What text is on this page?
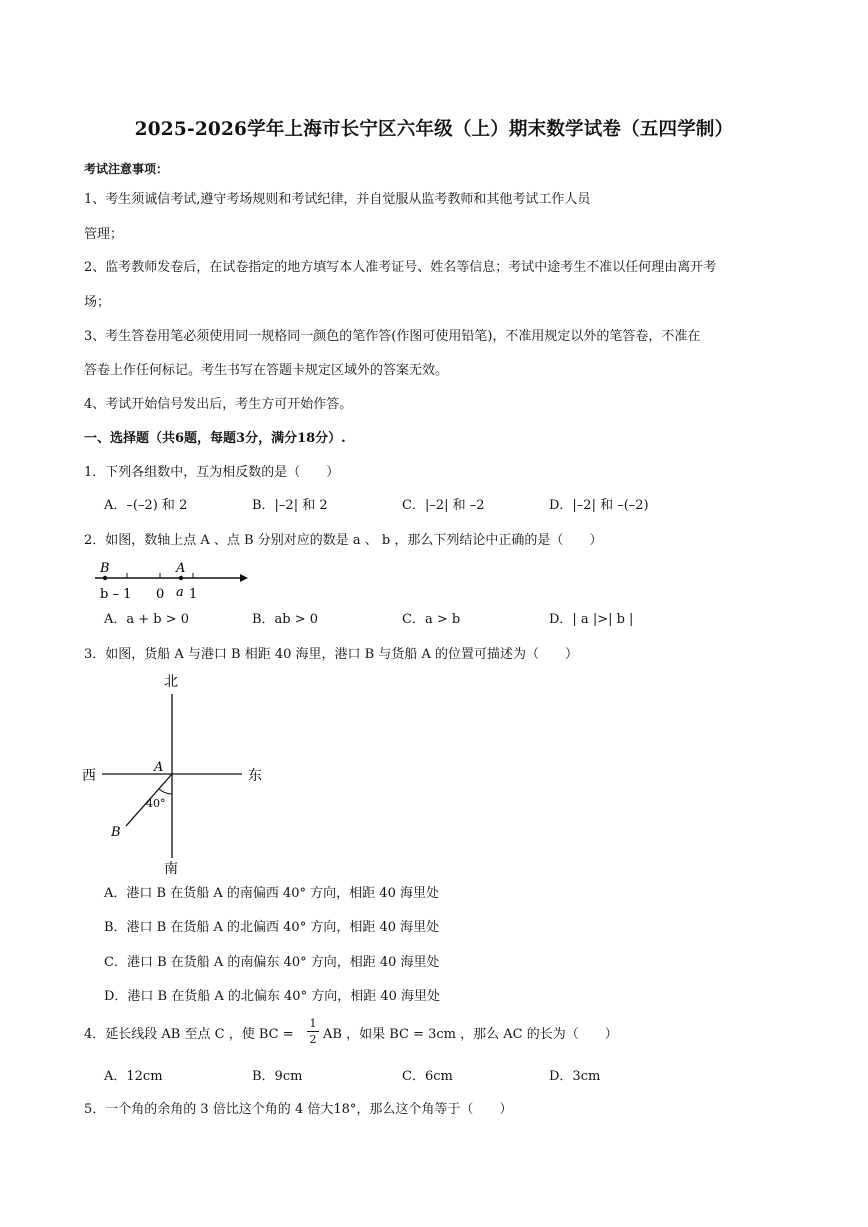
2025-2026学年上海市长宁区六年级（上）期末数学试卷（五四学制）
考试注意事项：
1、考生须诚信考试,遵守考场规则和考试纪律，并自觉服从监考教师和其他考试工作人员
管理；
2、监考教师发卷后，在试卷指定的地方填写本人准考证号、姓名等信息；考试中途考生不准以任何理由离开考
场；
3、考生答卷用笔必须使用同一规格同一颜色的笔作答(作图可使用铅笔)，不准用规定以外的笔答卷，不准在
答卷上作任何标记。考生书写在答题卡规定区域外的答案无效。
4、考试开始信号发出后，考生方可开始作答。
一、选择题（共6题，每题3分，满分18分）.
1．下列各组数中，互为相反数的是（　　）
A．–(–2) 和 2	B．|–2| 和 2	C．|–2| 和 –2	D．|–2| 和 –(–2)
2．如图，数轴上点 A 、点 B 分别对应的数是 a 、 b ，那么下列结论中正确的是（　　）
B	A
b – 1 0 a 1
A．a + b > 0	B．ab > 0	C．a > b	D．| a |>| b |
3．如图，货船 A 与港口 B 相距 40 海里，港口 B 与货船 A 的位置可描述为（　　）
北
南
西	东
A
B
40°
A．港口 B 在货船 A 的南偏西 40° 方向，相距 40 海里处
B．港口 B 在货船 A 的北偏西 40° 方向，相距 40 海里处
C．港口 B 在货船 A 的南偏东 40° 方向，相距 40 海里处
D．港口 B 在货船 A 的北偏东 40° 方向，相距 40 海里处
4．延长线段 AB 至点 C ，使 BC =
1
2 AB ，如果 BC = 3cm ，那么 AC 的长为（　　）
A．12cm	B．9cm	C．6cm	D．3cm
5．一个角的余角的 3 倍比这个角的 4 倍大18°，那么这个角等于（　　）
